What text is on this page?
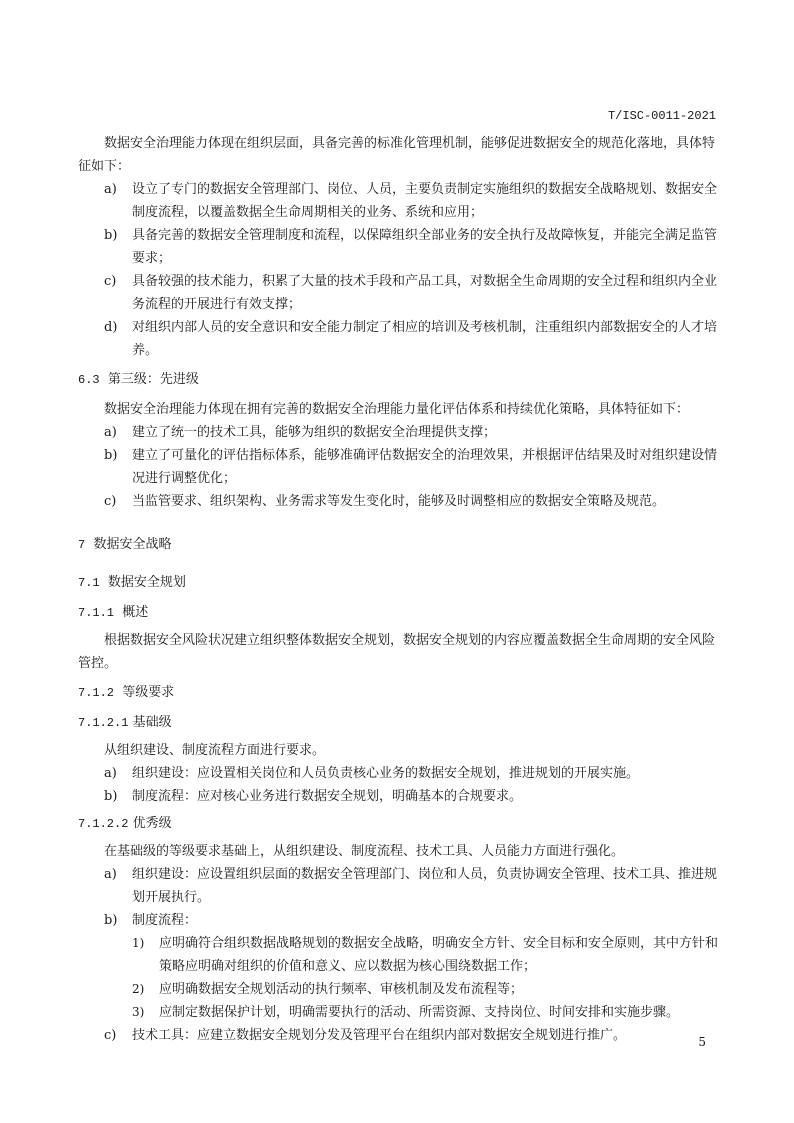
T/ISC-0011-2021

数据安全治理能力体现在组织层面，具备完善的标准化管理机制，能够促进数据安全的规范化落地，具体特征如下：

a)	设立了专门的数据安全管理部门、岗位、人员，主要负责制定实施组织的数据安全战略规划、数据安全制度流程，以覆盖数据全生命周期相关的业务、系统和应用；
b)	具备完善的数据安全管理制度和流程，以保障组织全部业务的安全执行及故障恢复，并能完全满足监管要求；
c)	具备较强的技术能力，积累了大量的技术手段和产品工具，对数据全生命周期的安全过程和组织内全业务流程的开展进行有效支撑；
d)	对组织内部人员的安全意识和安全能力制定了相应的培训及考核机制，注重组织内部数据安全的人才培养。
6.3 第三级：先进级

数据安全治理能力体现在拥有完善的数据安全治理能力量化评估体系和持续优化策略，具体特征如下：

a)	建立了统一的技术工具，能够为组织的数据安全治理提供支撑；
b)	建立了可量化的评估指标体系，能够准确评估数据安全的治理效果，并根据评估结果及时对组织建设情况进行调整优化；
c)	当监管要求、组织架构、业务需求等发生变化时，能够及时调整相应的数据安全策略及规范。
7 数据安全战略
7.1 数据安全规划
7.1.1 概述

根据数据安全风险状况建立组织整体数据安全规划，数据安全规划的内容应覆盖数据全生命周期的安全风险管控。

7.1.2 等级要求
7.1.2.1 基础级

从组织建设、制度流程方面进行要求。

a)	组织建设：应设置相关岗位和人员负责核心业务的数据安全规划，推进规划的开展实施。
b)	制度流程：应对核心业务进行数据安全规划，明确基本的合规要求。
7.1.2.2 优秀级

在基础级的等级要求基础上，从组织建设、制度流程、技术工具、人员能力方面进行强化。

a)	组织建设：应设置组织层面的数据安全管理部门、岗位和人员，负责协调安全管理、技术工具、推进规划开展执行。
b)	制度流程：
1)	应明确符合组织数据战略规划的数据安全战略，明确安全方针、安全目标和安全原则，其中方针和策略应明确对组织的价值和意义、应以数据为核心围绕数据工作；
2)	应明确数据安全规划活动的执行频率、审核机制及发布流程等；
3)	应制定数据保护计划，明确需要执行的活动、所需资源、支持岗位、时间安排和实施步骤。
c)	技术工具：应建立数据安全规划分发及管理平台在组织内部对数据安全规划进行推广。	5
